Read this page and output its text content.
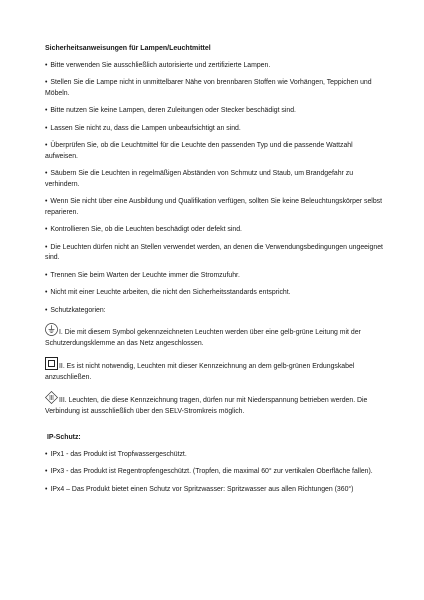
Sicherheitsanweisungen für Lampen/Leuchtmittel
• Bitte verwenden Sie ausschließlich autorisierte und zertifizierte Lampen.
• Stellen Sie die Lampe nicht in unmittelbarer Nähe von brennbaren Stoffen wie Vorhängen, Teppichen und Möbeln.
• Bitte nutzen Sie keine Lampen, deren Zuleitungen oder Stecker beschädigt sind.
• Lassen Sie nicht zu, dass die Lampen unbeaufsichtigt an sind.
• Überprüfen Sie, ob die Leuchtmittel für die Leuchte den passenden Typ und die passende Wattzahl aufweisen.
• Säubern Sie die Leuchten in regelmäßigen Abständen von Schmutz und Staub, um Brandgefahr zu verhindern.
• Wenn Sie nicht über eine Ausbildung und Qualifikation verfügen, sollten Sie keine Beleuchtungskörper selbst reparieren.
• Kontrollieren Sie, ob die Leuchten beschädigt oder defekt sind.
• Die Leuchten dürfen nicht an Stellen verwendet werden, an denen die Verwendungsbedingungen ungeeignet sind.
• Trennen Sie beim Warten der Leuchte immer die Stromzufuhr.
• Nicht mit einer Leuchte arbeiten, die nicht den Sicherheitsstandards entspricht.
• Schutzkategorien:
I. Die mit diesem Symbol gekennzeichneten Leuchten werden über eine gelb-grüne Leitung mit der Schutzerdungsklemme an das Netz angeschlossen.
II. Es ist nicht notwendig, Leuchten mit dieser Kennzeichnung an dem gelb-grünen Erdungskabel anzuschließen.
III. Leuchten, die diese Kennzeichnung tragen, dürfen nur mit Niederspannung betrieben werden. Die Verbindung ist ausschließlich über den SELV-Stromkreis möglich.
IP-Schutz:
• IPx1 - das Produkt ist Tropfwassergeschützt.
• IPx3 - das Produkt ist Regentropfengeschützt. (Tropfen, die maximal 60° zur vertikalen Oberfläche fallen).
• IPx4 – Das Produkt bietet einen Schutz vor Spritzwasser: Spritzwasser aus allen Richtungen (360°)
